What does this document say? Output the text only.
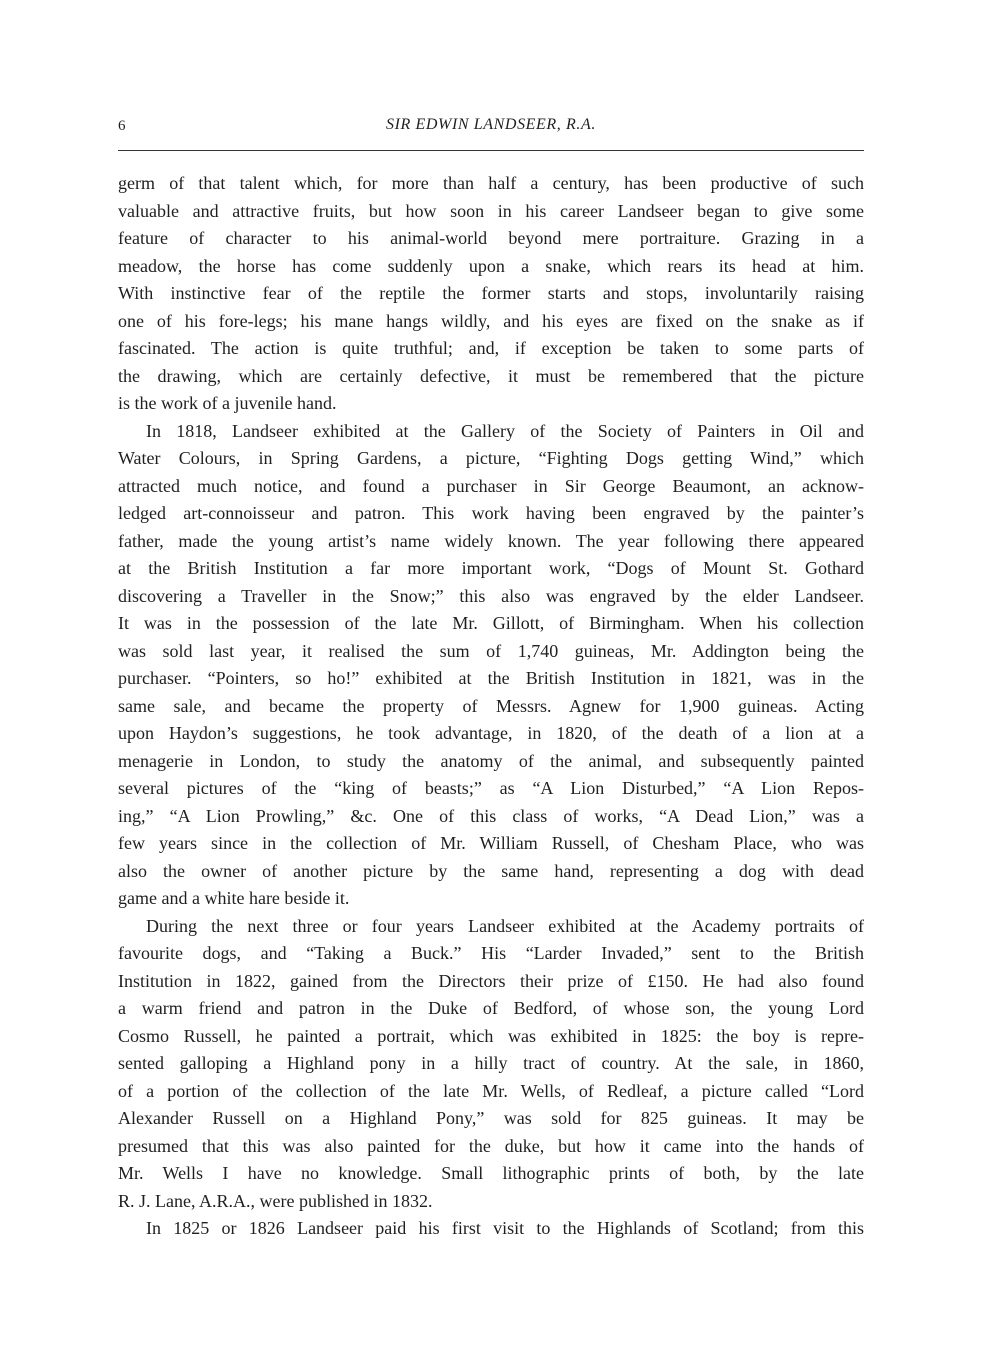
6	SIR EDWIN LANDSEER, R.A.
germ of that talent which, for more than half a century, has been productive of such
valuable and attractive fruits, but how soon in his career Landseer began to give some
feature of character to his animal-world beyond mere portraiture. Grazing in a
meadow, the horse has come suddenly upon a snake, which rears its head at him.
With instinctive fear of the reptile the former starts and stops, involuntarily raising
one of his fore-legs; his mane hangs wildly, and his eyes are fixed on the snake as if
fascinated. The action is quite truthful; and, if exception be taken to some parts of
the drawing, which are certainly defective, it must be remembered that the picture
is the work of a juvenile hand.
In 1818, Landseer exhibited at the Gallery of the Society of Painters in Oil and
Water Colours, in Spring Gardens, a picture, “Fighting Dogs getting Wind,” which
attracted much notice, and found a purchaser in Sir George Beaumont, an acknow-
ledged art-connoisseur and patron. This work having been engraved by the painter’s
father, made the young artist’s name widely known. The year following there appeared
at the British Institution a far more important work, “Dogs of Mount St. Gothard
discovering a Traveller in the Snow;” this also was engraved by the elder Landseer.
It was in the possession of the late Mr. Gillott, of Birmingham. When his collection
was sold last year, it realised the sum of 1,740 guineas, Mr. Addington being the
purchaser. “Pointers, so ho!” exhibited at the British Institution in 1821, was in the
same sale, and became the property of Messrs. Agnew for 1,900 guineas. Acting
upon Haydon’s suggestions, he took advantage, in 1820, of the death of a lion at a
menagerie in London, to study the anatomy of the animal, and subsequently painted
several pictures of the “king of beasts;” as “A Lion Disturbed,” “A Lion Repos-
ing,” “A Lion Prowling,” &c. One of this class of works, “A Dead Lion,” was a
few years since in the collection of Mr. William Russell, of Chesham Place, who was
also the owner of another picture by the same hand, representing a dog with dead
game and a white hare beside it.
During the next three or four years Landseer exhibited at the Academy portraits of
favourite dogs, and “Taking a Buck.” His “Larder Invaded,” sent to the British
Institution in 1822, gained from the Directors their prize of £150. He had also found
a warm friend and patron in the Duke of Bedford, of whose son, the young Lord
Cosmo Russell, he painted a portrait, which was exhibited in 1825: the boy is repre-
sented galloping a Highland pony in a hilly tract of country. At the sale, in 1860,
of a portion of the collection of the late Mr. Wells, of Redleaf, a picture called “Lord
Alexander Russell on a Highland Pony,” was sold for 825 guineas. It may be
presumed that this was also painted for the duke, but how it came into the hands of
Mr. Wells I have no knowledge. Small lithographic prints of both, by the late
R. J. Lane, A.R.A., were published in 1832.
In 1825 or 1826 Landseer paid his first visit to the Highlands of Scotland; from this
